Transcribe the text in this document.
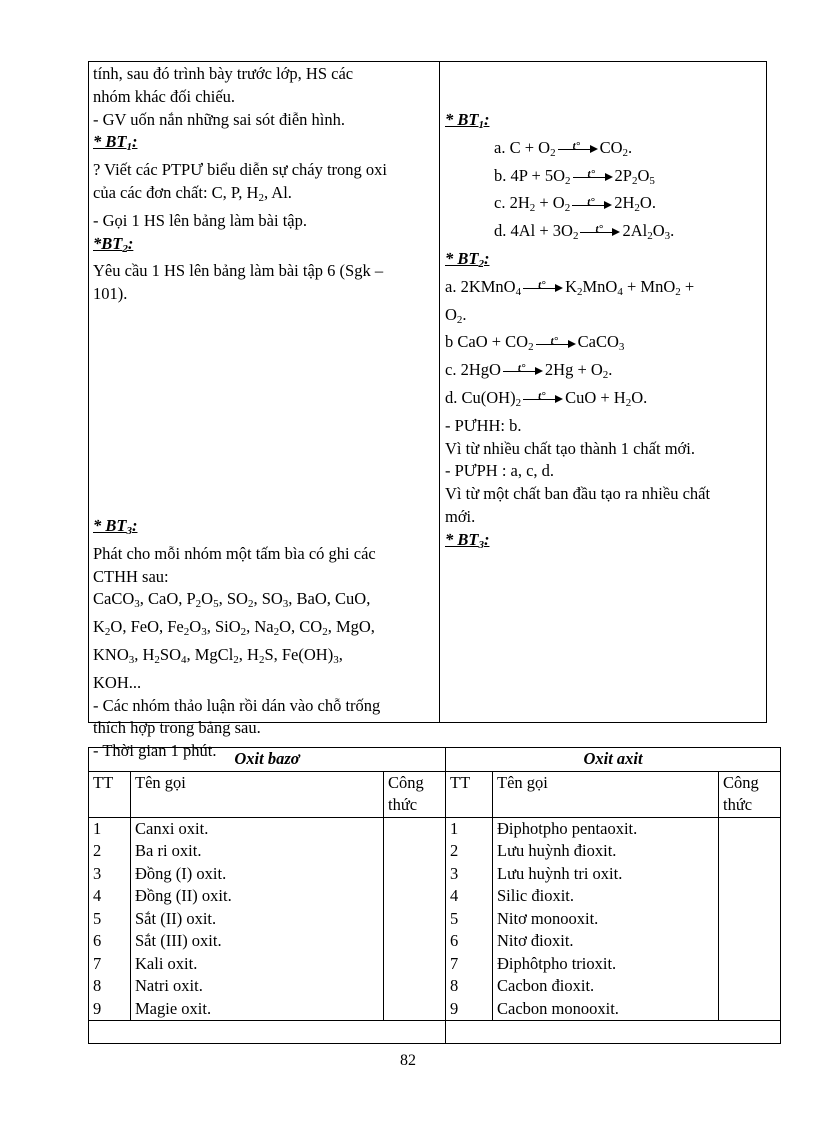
tính, sau đó trình bày trước lớp, HS các
nhóm khác đối chiếu.
- GV uốn nắn những sai sót điễn hình.
* $BT_1$:
? Viết các PTPƯ biểu diễn sự cháy trong oxi
của các đơn chất: C, P, $H_2$, Al.
- Gọi 1 HS lên bảng làm bài tập.
$*BT_2$:
Yêu cầu 1 HS lên bảng làm bài tập 6 (Sgk –
101).
* $BT_3$:
Phát cho mỗi nhóm một tấm bìa có ghi các
CTHH sau:
CaCO$_3$, CaO, $P_2O_5$, $SO_2$, $SO_3$, BaO, CuO,
$K_2O$, FeO, $Fe_2O_3$, SiO$_2$, $Na_2O$, $CO_2$, MgO,
$KNO_3$, $H_2SO_4$, MgCl$_2$, $H_2S$, $Fe(OH)_3$,
KOH...
- Các nhóm thảo luận rồi dán vào chỗ trống
thích hợp trong bảng sau.
- Thời gian 1 phút.
* $BT_1$:
a. $C + O_2$
t° $CO_2$.
b. $4P + 5O_2$
t° $2P_2O_5$
c. $2H_2 + O_2$
t° $2H_2O$.
d. $4Al + 3O_2$
t° $2Al_2O_3$.
* $BT_2$:
a. 2KMnO$_4$
t° $K_2MnO_4 + MnO_2$ +
$O_2$.
b CaO + $CO_2$
t° CaCO$_3$
c. 2HgO t° $2Hg + O_2$.
d. $Cu(OH)_2$
t° CuO + $H_2O$.
- PƯHH: b.
Vì từ nhiều chất tạo thành 1 chất mới.
- PƯPH : a, c, d.
Vì từ một chất ban đầu tạo ra nhiều chất
mới.
* $BT_3$:
Oxit bazơ			Oxit axit		
TT	Tên gọi	Công thức	TT	Tên gọi	Công thức
1	Canxi oxit.		1	Điphotpho pentaoxit.	
2	Ba ri oxit.		2	Lưu huỳnh đioxit.	
3	Đồng (I) oxit.		3	Lưu huỳnh tri oxit.	
4	Đồng (II) oxit.		4	Silic đioxit.	
5	Sắt (II) oxit.		5	Nitơ monooxit.	
6	Sắt (III) oxit.		6	Nitơ đioxit.	
7	Kali oxit.		7	Điphôtpho trioxit.	
8	Natri oxit.		8	Cacbon đioxit.	
9	Magie oxit.		9	Cacbon monooxit.	

82
